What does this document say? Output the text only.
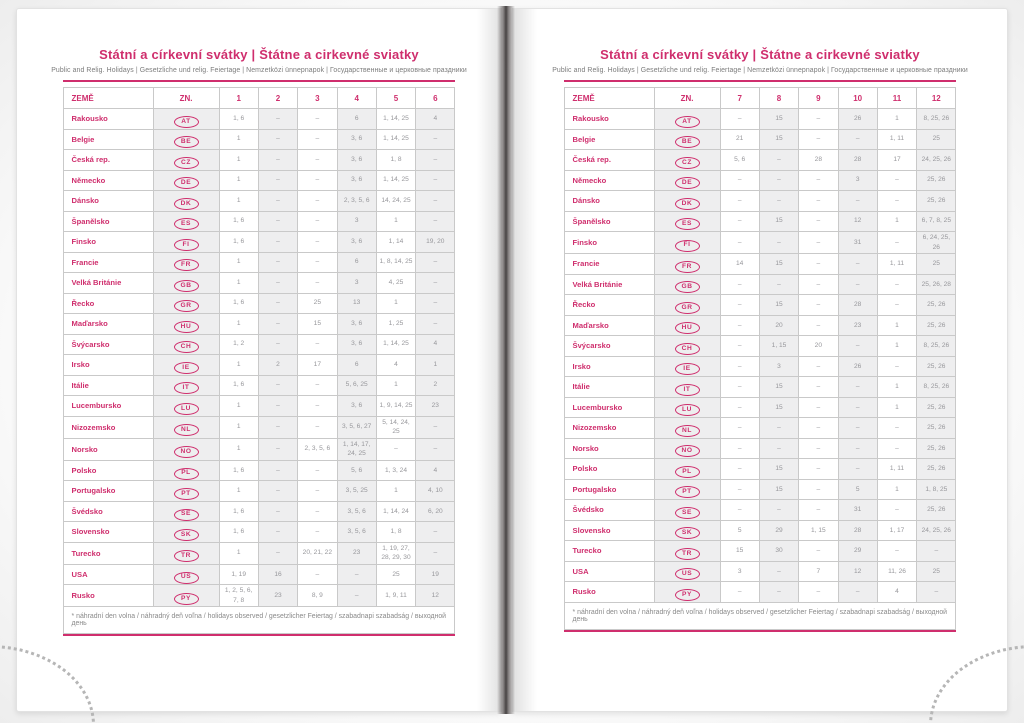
Státní a církevní svátky | Štátne a cirkevné sviatky
Public and Relig. Holidays | Gesetzliche und relig. Feiertage | Nemzetközi ünnepnapok | Государственные и церковные праздники
ZEMĚ	ZN.	1	2	3	4	5	6
Rakousko	AT	1, 6	–	–	6	1, 14, 25	4
Belgie	BE	1	–	–	3, 6	1, 14, 25	–
Česká rep.	CZ	1	–	–	3, 6	1, 8	–
Německo	DE	1	–	–	3, 6	1, 14, 25	–
Dánsko	DK	1	–	–	2, 3, 5, 6	14, 24, 25	–
Španělsko	ES	1, 6	–	–	3	1	–
Finsko	FI	1, 6	–	–	3, 6	1, 14	19, 20
Francie	FR	1	–	–	6	1, 8, 14, 25	–
Velká Británie	GB	1	–	–	3	4, 25	–
Řecko	GR	1, 6	–	25	13	1	–
Maďarsko	HU	1	–	15	3, 6	1, 25	–
Švýcarsko	CH	1, 2	–	–	3, 6	1, 14, 25	4
Irsko	IE	1	2	17	6	4	1
Itálie	IT	1, 6	–	–	5, 6, 25	1	2
Lucembursko	LU	1	–	–	3, 6	1, 9, 14, 25	23
Nizozemsko	NL	1	–	–	3, 5, 6, 27	5, 14, 24, 25	–
Norsko	NO	1	–	2, 3, 5, 6	1, 14, 17, 24, 25	–	–
Polsko	PL	1, 6	–	–	5, 6	1, 3, 24	4
Portugalsko	PT	1	–	–	3, 5, 25	1	4, 10
Švédsko	SE	1, 6	–	–	3, 5, 6	1, 14, 24	6, 20
Slovensko	SK	1, 6	–	–	3, 5, 6	1, 8	–
Turecko	TR	1	–	20, 21, 22	23	1, 19, 27, 28, 29, 30	–
USA	US	1, 19	16	–	–	25	19
Rusko	PY	1, 2, 5, 6, 7, 8	23	8, 9	–	1, 9, 11	12
* náhradní den volna / náhradný deň voľna / holidays observed / gesetzlicher Feiertag / szabadnapi szabadság / выходной день							
Státní a církevní svátky | Štátne a cirkevné sviatky
Public and Relig. Holidays | Gesetzliche und relig. Feiertage | Nemzetközi ünnepnapok | Государственные и церковные праздники
ZEMĚ	ZN.	7	8	9	10	11	12
Rakousko	AT	–	15	–	26	1	8, 25, 26
Belgie	BE	21	15	–	–	1, 11	25
Česká rep.	CZ	5, 6	–	28	28	17	24, 25, 26
Německo	DE	–	–	–	3	–	25, 26
Dánsko	DK	–	–	–	–	–	25, 26
Španělsko	ES	–	15	–	12	1	6, 7, 8, 25
Finsko	FI	–	–	–	31	–	6, 24, 25, 26
Francie	FR	14	15	–	–	1, 11	25
Velká Británie	GB	–	–	–	–	–	25, 26, 28
Řecko	GR	–	15	–	28	–	25, 26
Maďarsko	HU	–	20	–	23	1	25, 26
Švýcarsko	CH	–	1, 15	20	–	1	8, 25, 26
Irsko	IE	–	3	–	26	–	25, 26
Itálie	IT	–	15	–	–	1	8, 25, 26
Lucembursko	LU	–	15	–	–	1	25, 26
Nizozemsko	NL	–	–	–	–	–	25, 26
Norsko	NO	–	–	–	–	–	25, 26
Polsko	PL	–	15	–	–	1, 11	25, 26
Portugalsko	PT	–	15	–	5	1	1, 8, 25
Švédsko	SE	–	–	–	31	–	25, 26
Slovensko	SK	5	29	1, 15	28	1, 17	24, 25, 26
Turecko	TR	15	30	–	29	–	–
USA	US	3	–	7	12	11, 26	25
Rusko	PY	–	–	–	–	4	–
* náhradní den volna / náhradný deň voľna / holidays observed / gesetzlicher Feiertag / szabadnapi szabadság / выходной день							
